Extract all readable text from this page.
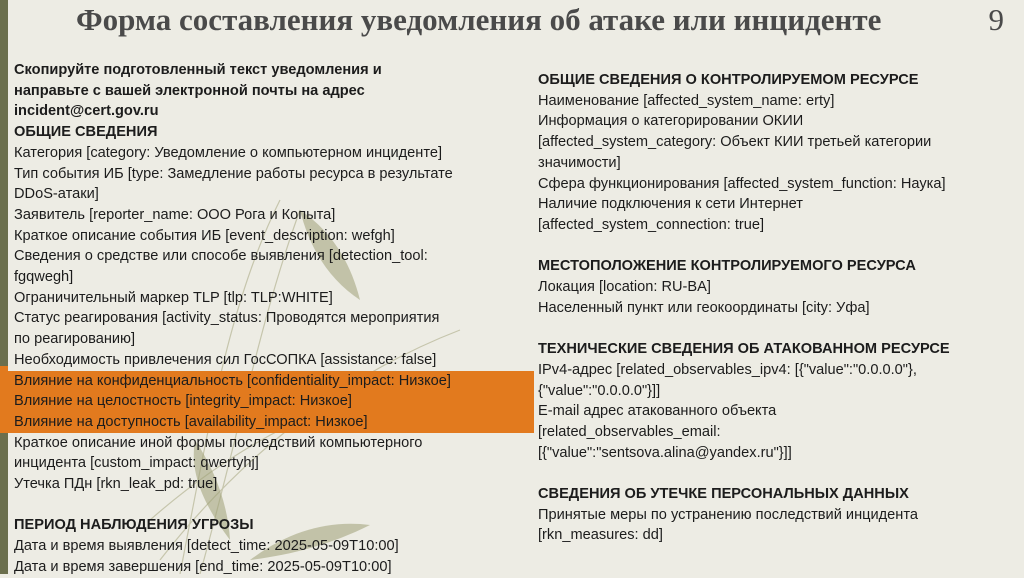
Форма составления уведомления об атаке или инциденте	9
Скопируйте подготовленный текст уведомления и
направьте с вашей электронной почты на адрес
incident@cert.gov.ru
ОБЩИЕ СВЕДЕНИЯ
Категория [category: Уведомление о компьютерном инциденте]
Тип события ИБ [type: Замедление работы ресурса в результате
DDoS-атаки]
Заявитель [reporter_name: ООО Рога и Копыта]
Краткое описание события ИБ [event_description: wefgh]
Сведения о средстве или способе выявления [detection_tool:
fgqwegh]
Ограничительный маркер TLP [tlp: TLP:WHITE]
Статус реагирования [activity_status: Проводятся мероприятия
по реагированию]
Необходимость привлечения сил ГосСОПКА [assistance: false]
Влияние на конфиденциальность [confidentiality_impact: Низкое]
Влияние на целостность [integrity_impact: Низкое]
Влияние на доступность [availability_impact: Низкое]
Краткое описание иной формы последствий компьютерного
инцидента [custom_impact: qwertyhj]
Утечка ПДн [rkn_leak_pd: true]
ПЕРИОД НАБЛЮДЕНИЯ УГРОЗЫ
Дата и время выявления [detect_time: 2025-05-09T10:00]
Дата и время завершения [end_time: 2025-05-09T10:00]
ОБЩИЕ СВЕДЕНИЯ О КОНТРОЛИРУЕМОМ РЕСУРСЕ
Наименование [affected_system_name: erty]
Информация о категорировании ОКИИ
[affected_system_category: Объект КИИ третьей категории
значимости]
Сфера функционирования [affected_system_function: Наука]
Наличие подключения к сети Интернет
[affected_system_connection: true]
МЕСТОПОЛОЖЕНИЕ КОНТРОЛИРУЕМОГО РЕСУРСА
Локация [location: RU-BA]
Населенный пункт или геокоординаты [city: Уфа]
ТЕХНИЧЕСКИЕ СВЕДЕНИЯ ОБ АТАКОВАННОМ РЕСУРСЕ
IPv4-адрес [related_observables_ipv4: [{"value":"0.0.0.0"},
{"value":"0.0.0.0"}]]
E-mail адрес атакованного объекта
[related_observables_email:
[{"value":"sentsova.alina@yandex.ru"}]]
СВЕДЕНИЯ ОБ УТЕЧКЕ ПЕРСОНАЛЬНЫХ ДАННЫХ
Принятые меры по устранению последствий инцидента
[rkn_measures: dd]
